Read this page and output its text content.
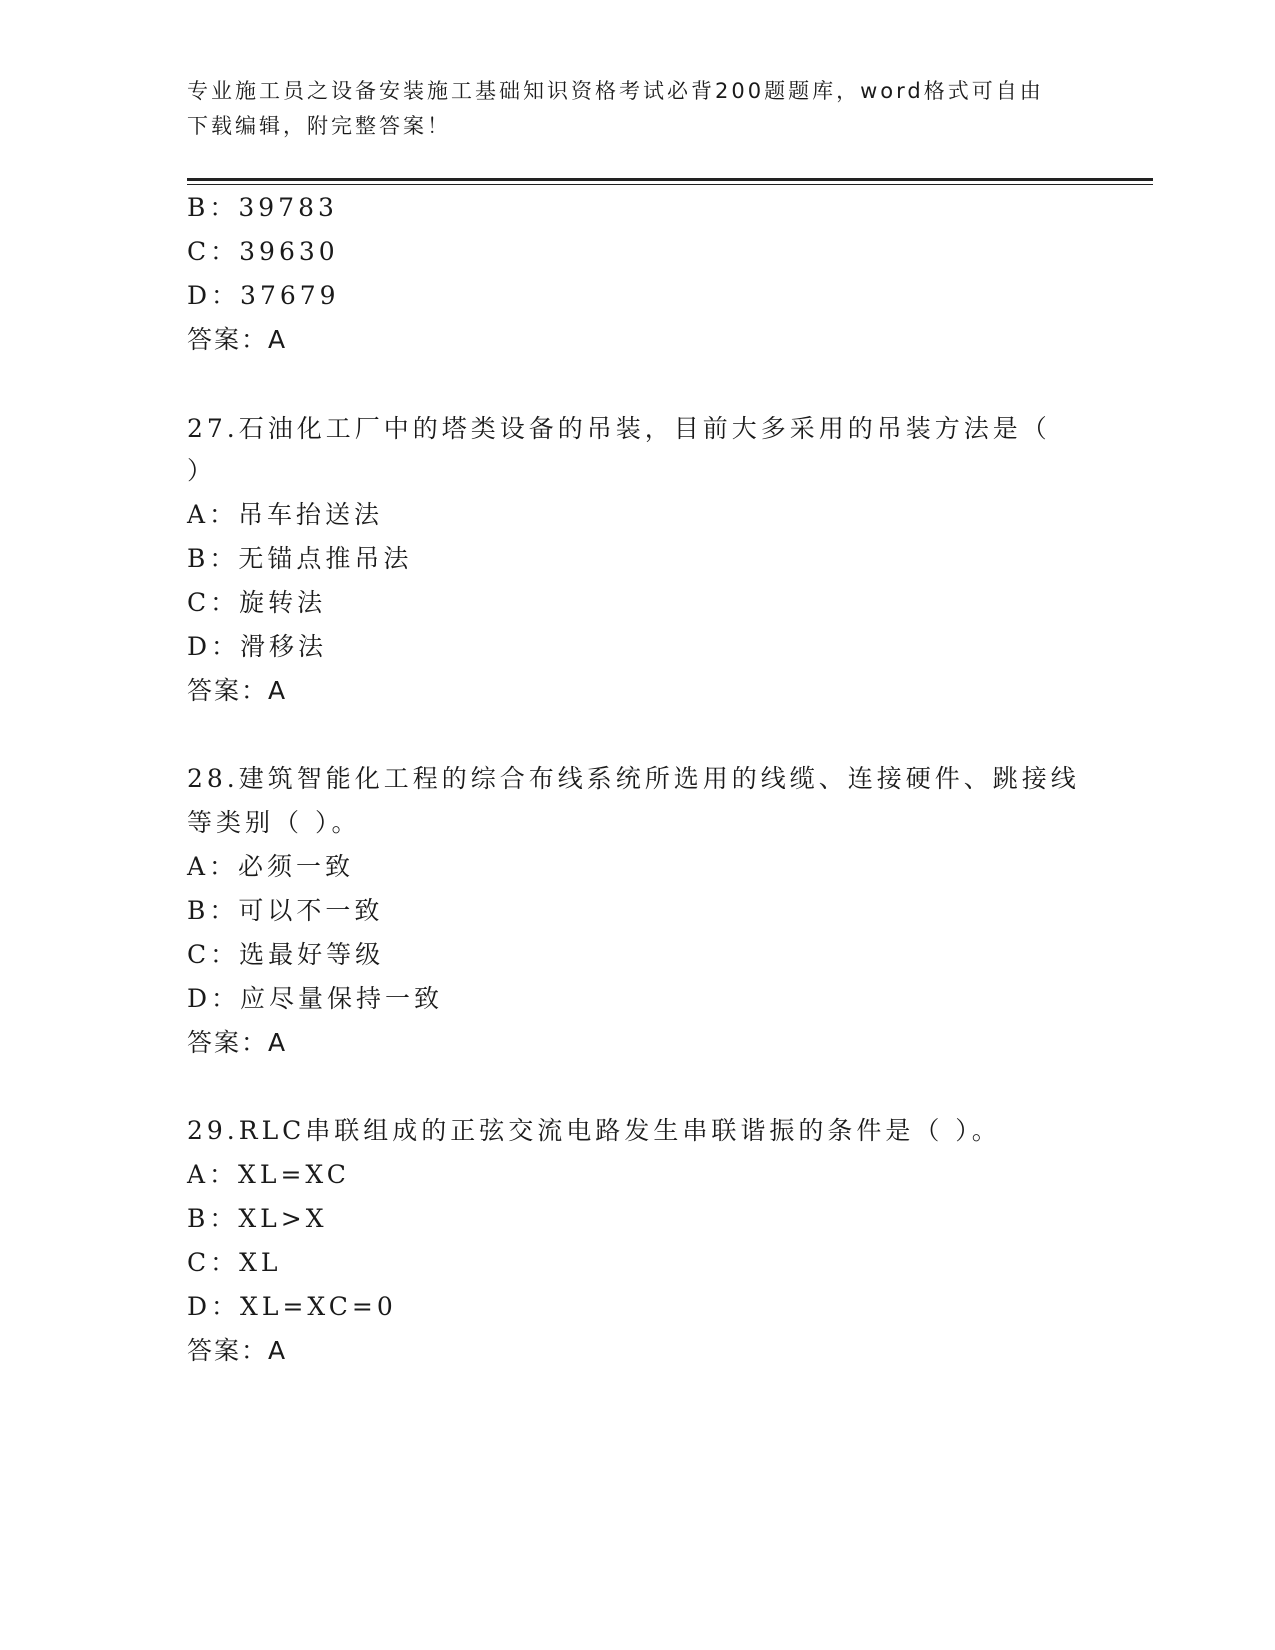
专业施工员之设备安装施工基础知识资格考试必背200题题库，word格式可自由
下载编辑，附完整答案！
B：39783
C：39630
D：37679
答案：A
27.石油化工厂中的塔类设备的吊装，目前大多采用的吊装方法是（
）
A：吊车抬送法
B：无锚点推吊法
C：旋转法
D：滑移法
答案：A
28.建筑智能化工程的综合布线系统所选用的线缆、连接硬件、跳接线
等类别（ ）。
A：必须一致
B：可以不一致
C：选最好等级
D：应尽量保持一致
答案：A
29.RLC串联组成的正弦交流电路发生串联谐振的条件是（ ）。
A：XL=XC
B：XL>X
C：XL
D：XL=XC=0
答案：A
